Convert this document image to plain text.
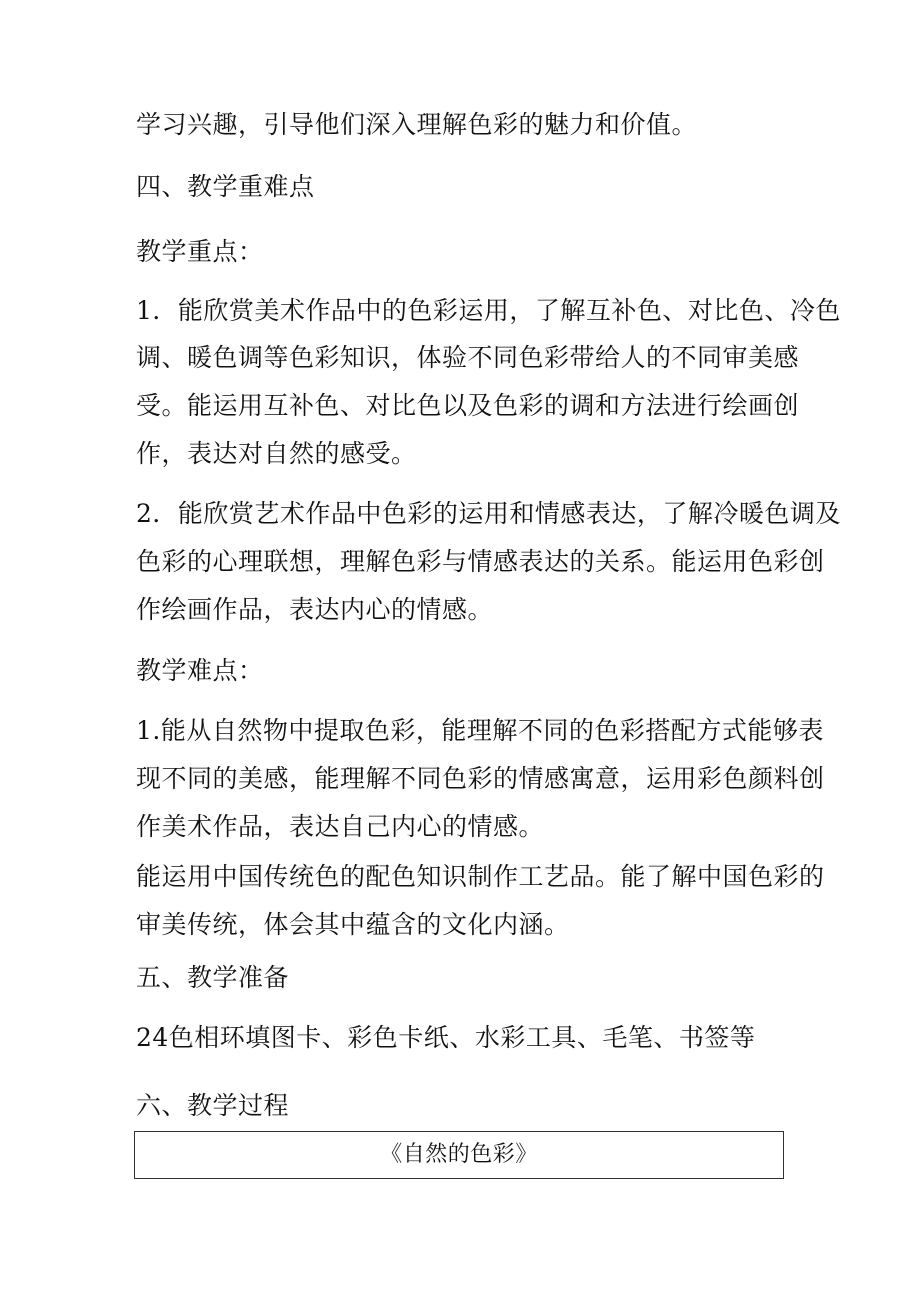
学习兴趣，引导他们深入理解色彩的魅力和价值。
四、教学重难点
教学重点：
1．能欣赏美术作品中的色彩运用，了解互补色、对比色、冷色
调、暖色调等色彩知识，体验不同色彩带给人的不同审美感
受。能运用互补色、对比色以及色彩的调和方法进行绘画创
作，表达对自然的感受。
2．能欣赏艺术作品中色彩的运用和情感表达，了解冷暖色调及
色彩的心理联想，理解色彩与情感表达的关系。能运用色彩创
作绘画作品，表达内心的情感。
教学难点：
1.能从自然物中提取色彩，能理解不同的色彩搭配方式能够表
现不同的美感，能理解不同色彩的情感寓意，运用彩色颜料创
作美术作品，表达自己内心的情感。
能运用中国传统色的配色知识制作工艺品。能了解中国色彩的
审美传统，体会其中蕴含的文化内涵。
五、教学准备
24色相环填图卡、彩色卡纸、水彩工具、毛笔、书签等
六、教学过程
《自然的色彩》
